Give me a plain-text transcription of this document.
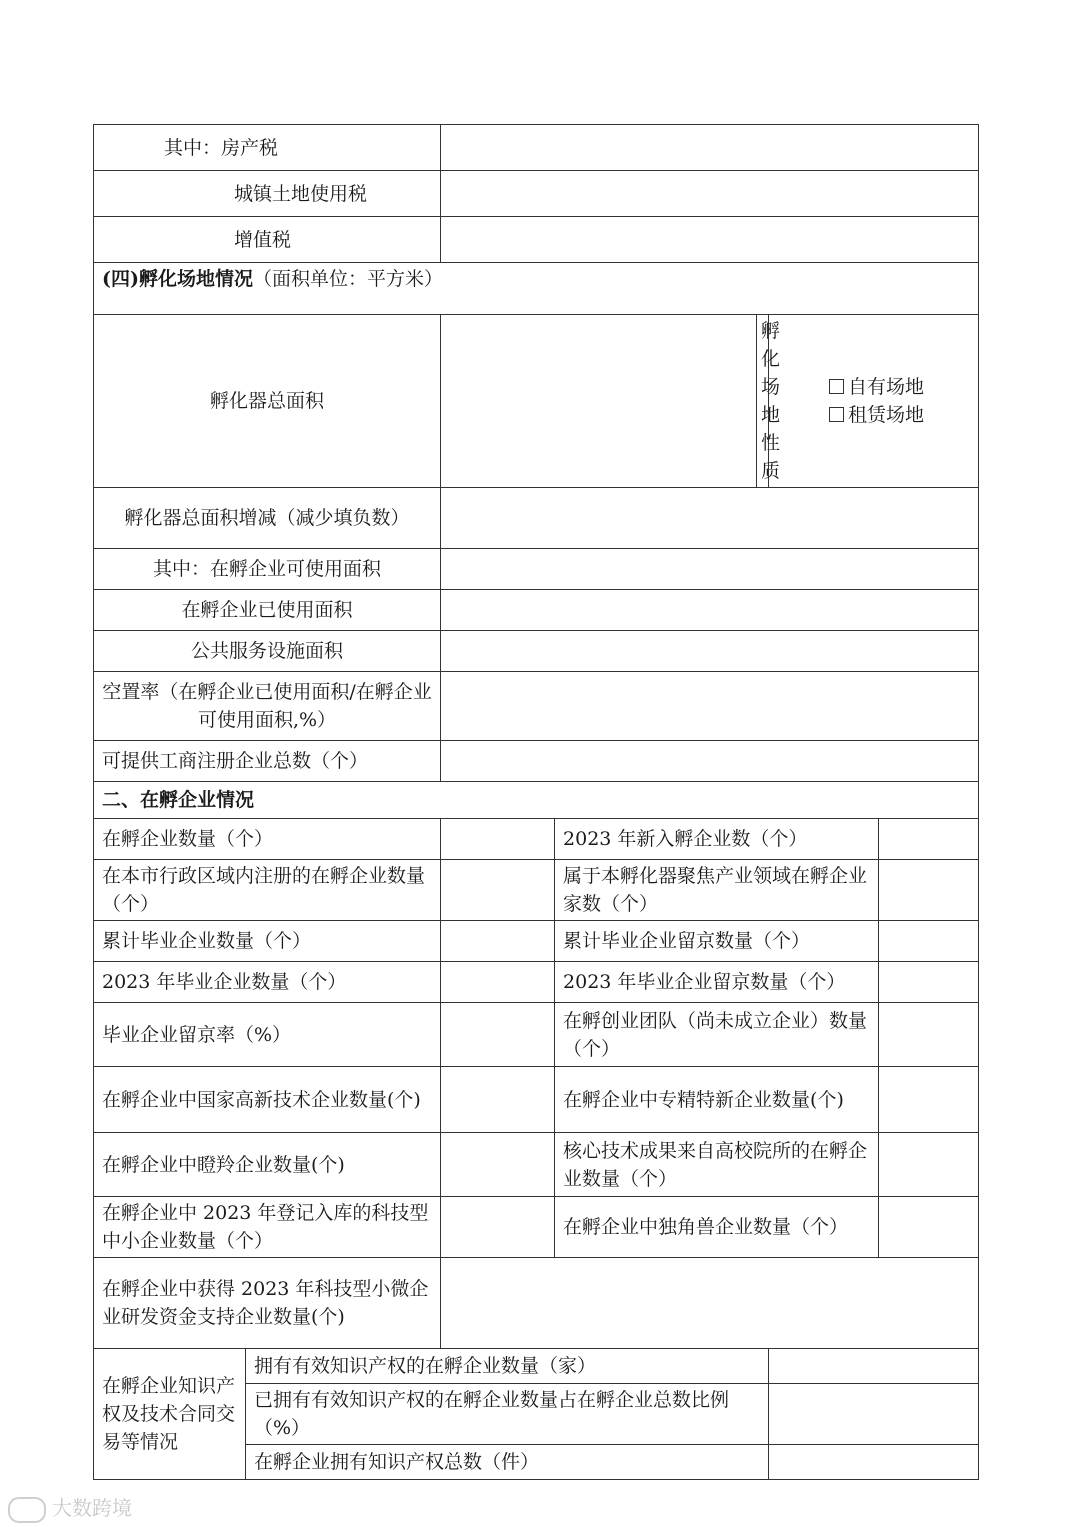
其中：房产税						
城镇土地使用税						
增值税						
(四)孵化场地情况（面积单位：平方米）						
孵化器总面积				孵化场地性质	自有场地
租赁场地	

孵化器总面积增减（减少填负数）						
其中：在孵企业可使用面积						
在孵企业已使用面积						
公共服务设施面积						
空置率（在孵企业已使用面积/在孵企业可使用面积,%）						
可提供工商注册企业总数（个）						
二、在孵企业情况						
在孵企业数量（个）			2023 年新入孵企业数（个）			
在本市行政区域内注册的在孵企业数量（个）			属于本孵化器聚焦产业领域在孵企业家数（个）			
累计毕业企业数量（个）			累计毕业企业留京数量（个）			
2023 年毕业企业数量（个）			2023 年毕业企业留京数量（个）			
毕业企业留京率（%）			在孵创业团队（尚未成立企业）数量（个）			
在孵企业中国家高新技术企业数量(个)			在孵企业中专精特新企业数量(个)			
在孵企业中瞪羚企业数量(个)			核心技术成果来自高校院所的在孵企业数量（个）			
在孵企业中 2023 年登记入库的科技型中小企业数量（个）			在孵企业中独角兽企业数量（个）			
在孵企业中获得 2023 年科技型小微企业研发资金支持企业数量(个)						
在孵企业知识产权及技术合同交易等情况	拥有有效知识产权的在孵企业数量（家）					
	已拥有有效知识产权的在孵企业数量占在孵企业总数比例（%）					
	在孵企业拥有知识产权总数（件）					
大数跨境
